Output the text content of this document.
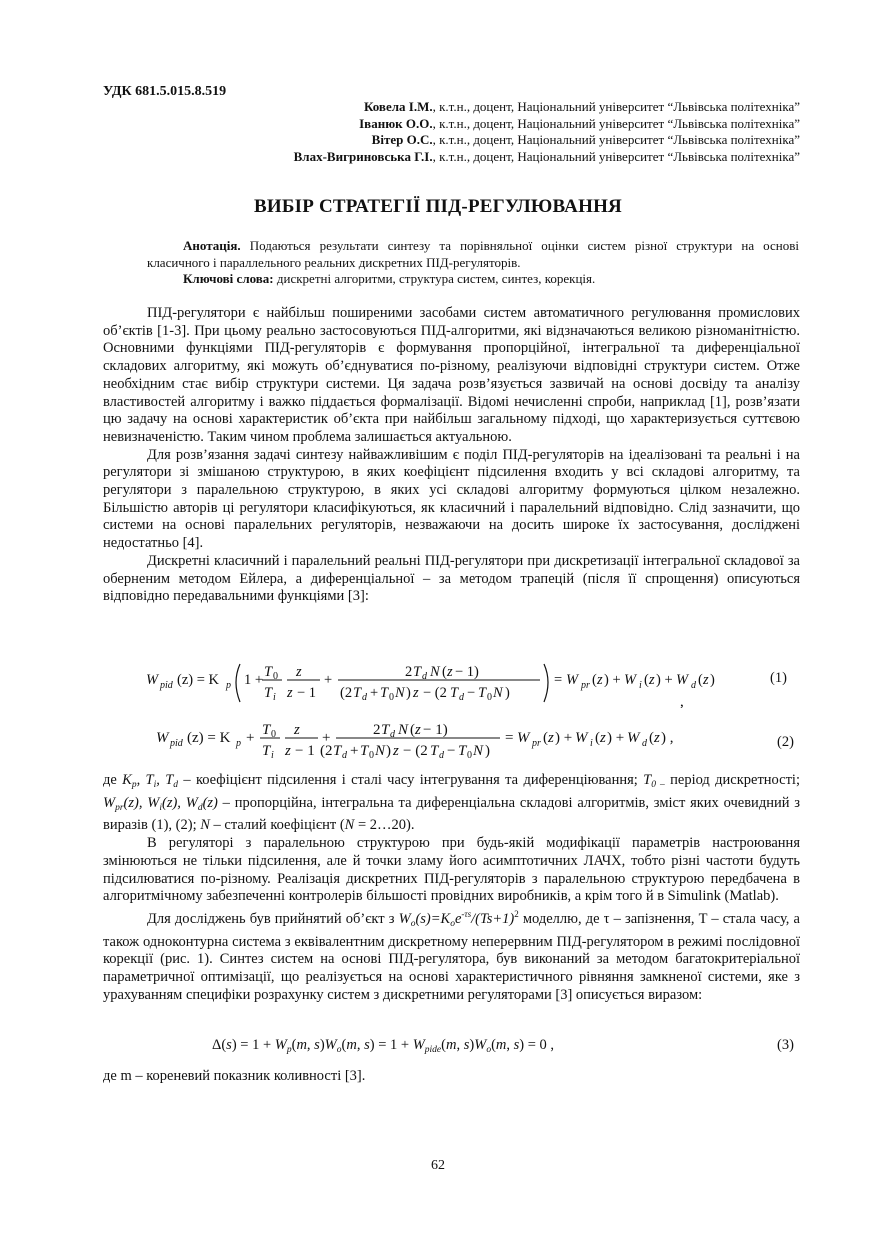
УДК 681.5.015.8.519
Ковела І.М., к.т.н., доцент, Національний університет “Львівська політехніка”
Іванюк О.О., к.т.н., доцент, Національний університет “Львівська політехніка”
Вітер О.С., к.т.н., доцент, Національний університет “Львівська політехніка”
Влах-Вигриновська Г.І., к.т.н., доцент, Національний університет “Львівська політехніка”
ВИБІР СТРАТЕГІЇ ПІД-РЕГУЛЮВАННЯ
Анотація. Подаються результати синтезу та порівняльної оцінки систем різної структури на основі класичного і параллельного реальних дискретних ПІД-регуляторів.
Ключові слова: дискретні алгоритми, структура систем, синтез, корекція.

ПІД-регулятори є найбільш поширеними засобами систем автоматичного регулювання промислових об’єктів [1-3]. При цьому реально застосовуються ПІД-алгоритми, які відзначаються великою різноманітністю. Основними функціями ПІД-регуляторів є формування пропорційної, інтегральної та диференціальної складових алгоритму, які можуть об’єднуватися по-різному, реалізуючи відповідні структури систем. Отже необхідним стає вибір структури системи. Ця задача розв’язується зазвичай на основі досвіду та аналізу властивостей алгоритму і важко піддається формалізації. Відомі нечисленні спроби, наприклад [1], розв’язати цю задачу на основі характеристик об’єкта при найбільш загальному підході, що характеризується суттєвою невизначеністю. Таким чином проблема залишається актуальною.

Для розв’язання задачі синтезу найважливішим є поділ ПІД-регуляторів на ідеалізовані та реальні і на регулятори зі змішаною структурою, в яких коефіцієнт підсилення входить у всі складові алгоритму, та регулятори з паралельною структурою, в яких усі складові алгоритму формуються цілком незалежно. Більшістю авторів ці регулятори класифікуються, як класичний і паралельний відповідно. Слід зазначити, що системи на основі паралельних регуляторів, незважаючи на досить широке їх застосування, досліджені недостатньо [4].

Дискретні класичний і паралельний реальні ПІД-регулятори при дискретизації інтегральної складової за оберненим методом Ейлера, а диференціальної – за методом трапецій (після її спрощення) описуються відповідно передавальними функціями [3]:

W pid (z) = K p 1 + T 0
T i
z
z − 1
+	2 T d N ( z − 1)
(2 T d + T 0 N ) z − (2 T d − T 0 N )
= W pr ( z ) + W i ( z ) + W d ( z )
,
(1)
W pid (z) = K p + T 0
T i
z
z − 1
+	2 T d N ( z − 1)
(2 T d + T 0 N ) z − (2 T d − T 0 N )
= W pr ( z ) + W i ( z ) + W d ( z ) ,	(2)

де $K_p$, $T_i$, $T_d$ – коефіцієнт підсилення і сталі часу інтегрування та диференціювання; $T_{0 -}$ період дискретності; $W_{pr}(z)$, $W_i(z)$, $W_d(z)$ – пропорційна, інтегральна та диференціальна складові алгоритмів, зміст яких очевидний з виразів (1), (2); N – сталий коефіцієнт (N = 2…20).

В регуляторі з паралельною структурою при будь-якій модифікації параметрів настроювання змінюються не тільки підсилення, але й точки зламу його асимптотичних ЛАЧХ, тобто різні частоти будуть підсилюватися по-різному. Реалізація дискретних ПІД-регуляторів з паралельною структурою передбачена в алгоритмічному забезпеченні контролерів більшості провідних виробників, а крім того й в Simulink (Matlab).

Для досліджень був прийнятий об’єкт з $W_o(s)=K_oe^{-\tau s}/(Ts+1)^2$ моделлю, де τ – запізнення, T – стала часу, а також одноконтурна система з еквівалентним дискретному неперервним ПІД-регулятором в режимі послідовної корекції (рис. 1). Синтез систем на основі ПІД-регулятора, був виконаний за методом багатокритеріальної параметричної оптимізації, що реалізується на основі характеристичного рівняння замкненої системи, яке з урахуванням специфіки розрахунку систем з дискретними регуляторами [3] описується виразом:

$\Delta(s) = 1 + W_p(m$, $s)W_o(m$, $s) = 1 + W_{pide}(m$, $s)W_o(m$, s) = 0 ,	(3)

де m – кореневий показник коливності [3].

62
